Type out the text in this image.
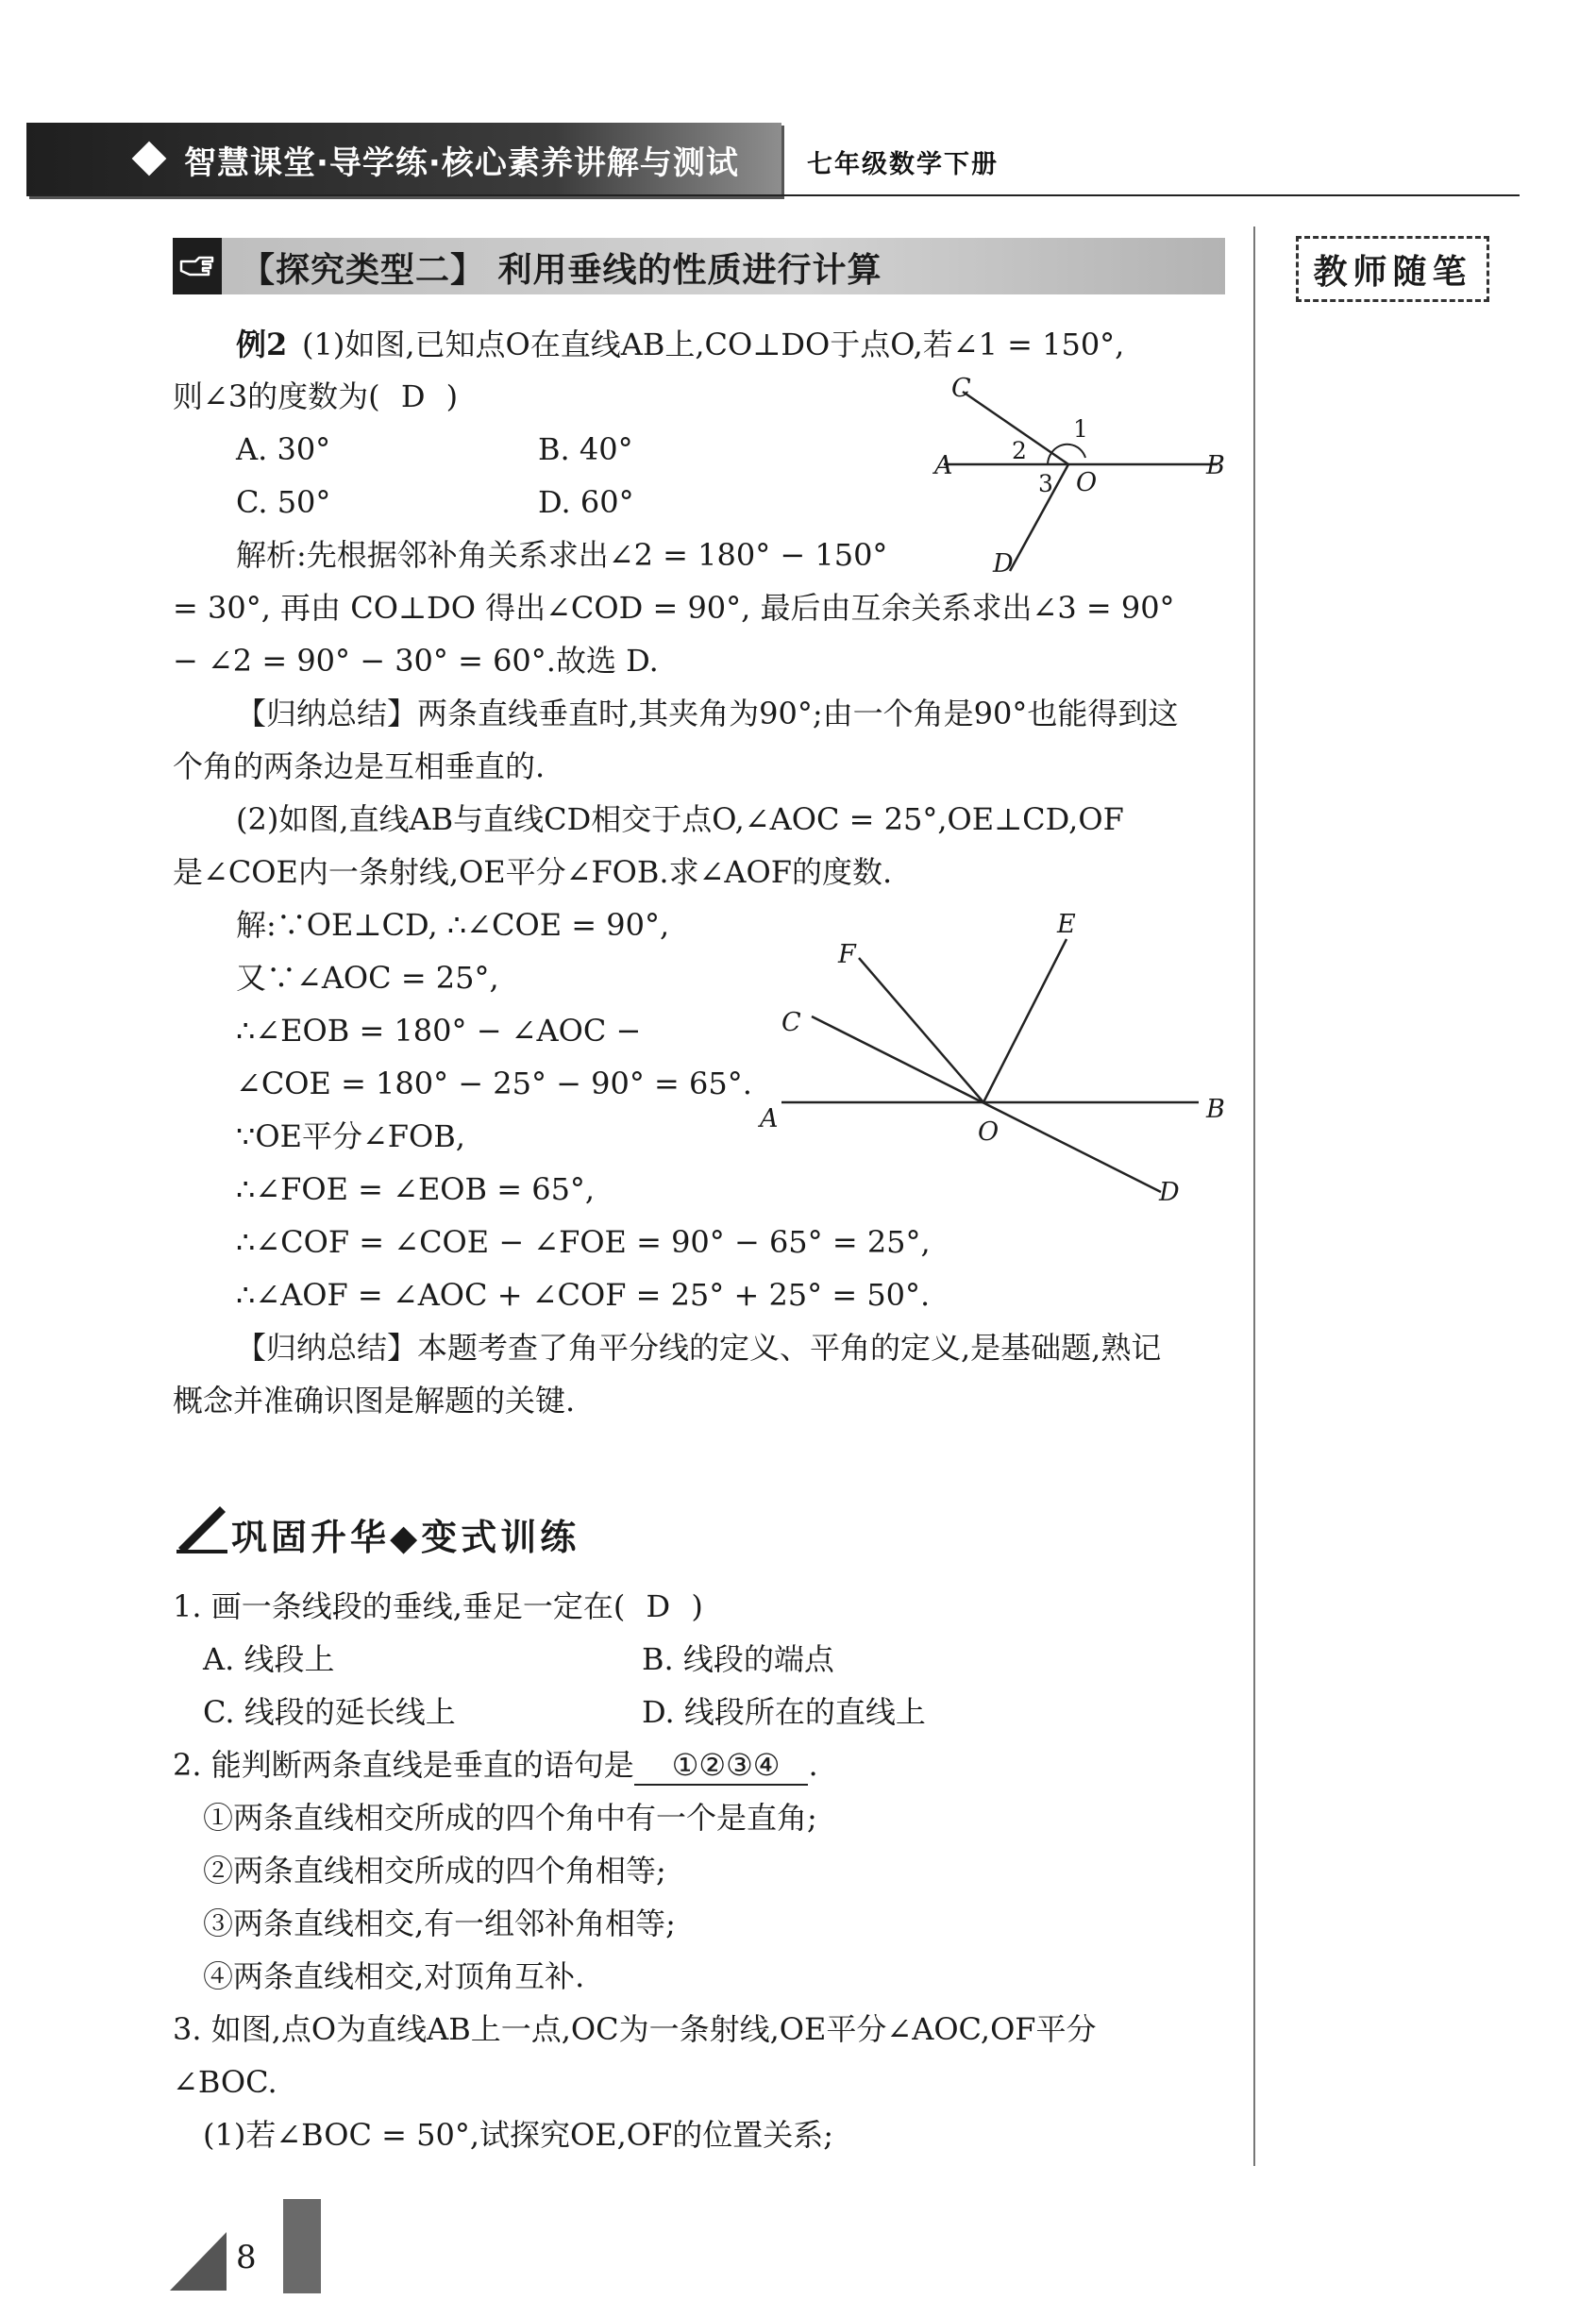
智慧课堂·导学练·核心素养讲解与测试	七年级数学下册
教师随笔
【探究类型二】 利用垂线的性质进行计算
例2 (1)如图,已知点O在直线AB上,CO⊥DO于点O,若∠1 = 150°,
则∠3的度数为( D )
A. 30°	B. 40°
C. 50°	D. 60°
C
A	B
O
D
1
2
3
解析:先根据邻补角关系求出∠2 = 180° − 150°
= 30°, 再由 CO⊥DO 得出∠COD = 90°, 最后由互余关系求出∠3 = 90°
− ∠2 = 90° − 30° = 60°.故选 D.
【归纳总结】两条直线垂直时,其夹角为90°;由一个角是90°也能得到这
个角的两条边是互相垂直的.
(2)如图,直线AB与直线CD相交于点O,∠AOC = 25°,OE⊥CD,OF
是∠COE内一条射线,OE平分∠FOB.求∠AOF的度数.
解:∵OE⊥CD, ∴∠COE = 90°,
又∵∠AOC = 25°,
∴∠EOB = 180° − ∠AOC −
∠COE = 180° − 25° − 90° = 65°.
∵OE平分∠FOB,
∴∠FOE = ∠EOB = 65°,
∴∠COF = ∠COE − ∠FOE = 90° − 65° = 25°,
∴∠AOF = ∠AOC + ∠COF = 25° + 25° = 50°.
E
F
C
A	B
O
D
【归纳总结】本题考查了角平分线的定义、平角的定义,是基础题,熟记
概念并准确识图是解题的关键.
巩固升华◆变式训练
1. 画一条线段的垂线,垂足一定在( D )
A. 线段上	B. 线段的端点
C. 线段的延长线上	D. 线段所在的直线上
2. 能判断两条直线是垂直的语句是 ①②③④ .
①两条直线相交所成的四个角中有一个是直角;
②两条直线相交所成的四个角相等;
③两条直线相交,有一组邻补角相等;
④两条直线相交,对顶角互补.
3. 如图,点O为直线AB上一点,OC为一条射线,OE平分∠AOC,OF平分
∠BOC.
(1)若∠BOC = 50°,试探究OE,OF的位置关系;
8
